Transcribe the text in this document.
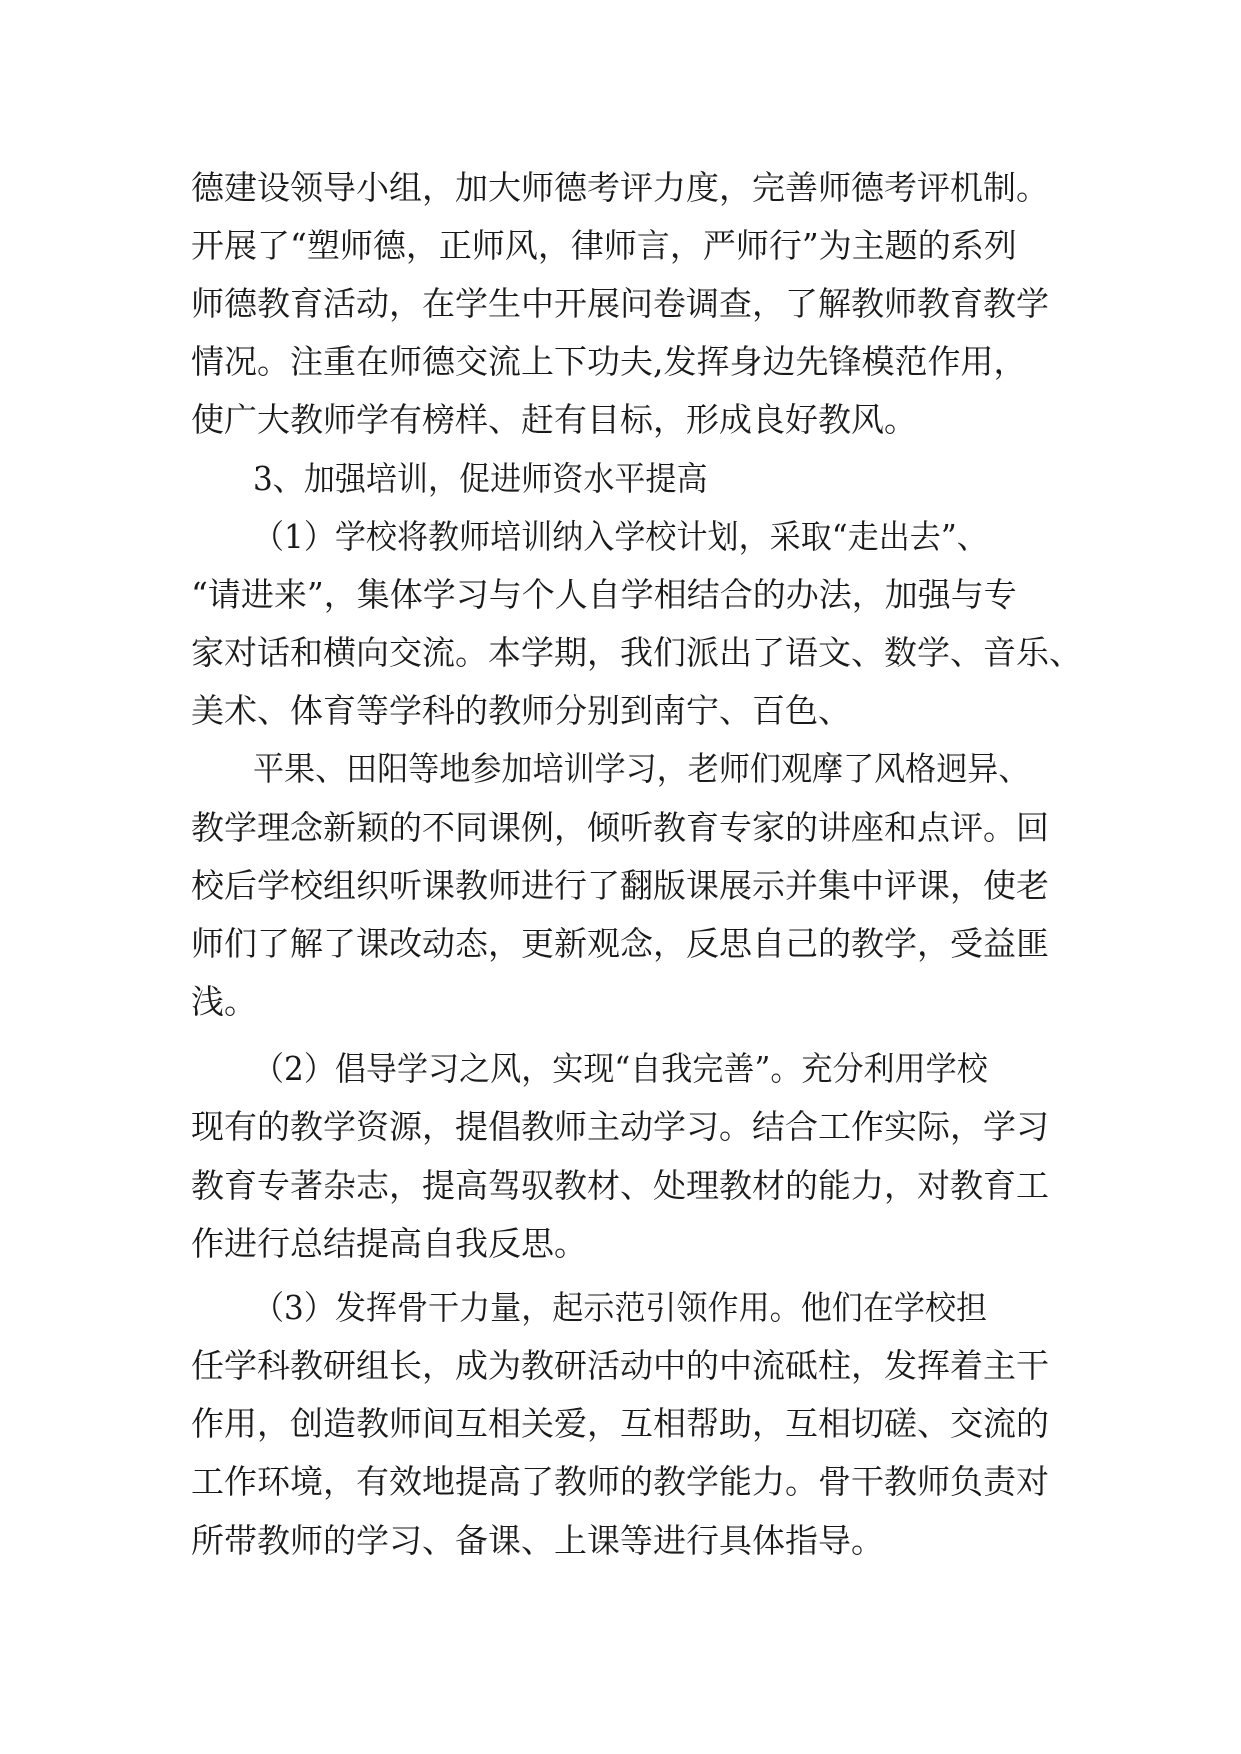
德建设领导小组，加大师德考评力度，完善师德考评机制。
开展了“塑师德，正师风，律师言，严师行”为主题的系列
师德教育活动，在学生中开展问卷调查，了解教师教育教学
情况。注重在师德交流上下功夫,发挥身边先锋模范作用，
使广大教师学有榜样、赶有目标，形成良好教风。
3、加强培训，促进师资水平提高
（1）学校将教师培训纳入学校计划，采取“走出去”、
“请进来”，集体学习与个人自学相结合的办法，加强与专
家对话和横向交流。本学期，我们派出了语文、数学、音乐、
美术、体育等学科的教师分别到南宁、百色、
平果、田阳等地参加培训学习，老师们观摩了风格迥异、
教学理念新颖的不同课例，倾听教育专家的讲座和点评。回
校后学校组织听课教师进行了翻版课展示并集中评课，使老
师们了解了课改动态，更新观念，反思自己的教学，受益匪
浅。
（2）倡导学习之风，实现“自我完善”。充分利用学校
现有的教学资源，提倡教师主动学习。结合工作实际，学习
教育专著杂志，提高驾驭教材、处理教材的能力，对教育工
作进行总结提高自我反思。
（3）发挥骨干力量，起示范引领作用。他们在学校担
任学科教研组长，成为教研活动中的中流砥柱，发挥着主干
作用，创造教师间互相关爱，互相帮助，互相切磋、交流的
工作环境，有效地提高了教师的教学能力。骨干教师负责对
所带教师的学习、备课、上课等进行具体指导。
